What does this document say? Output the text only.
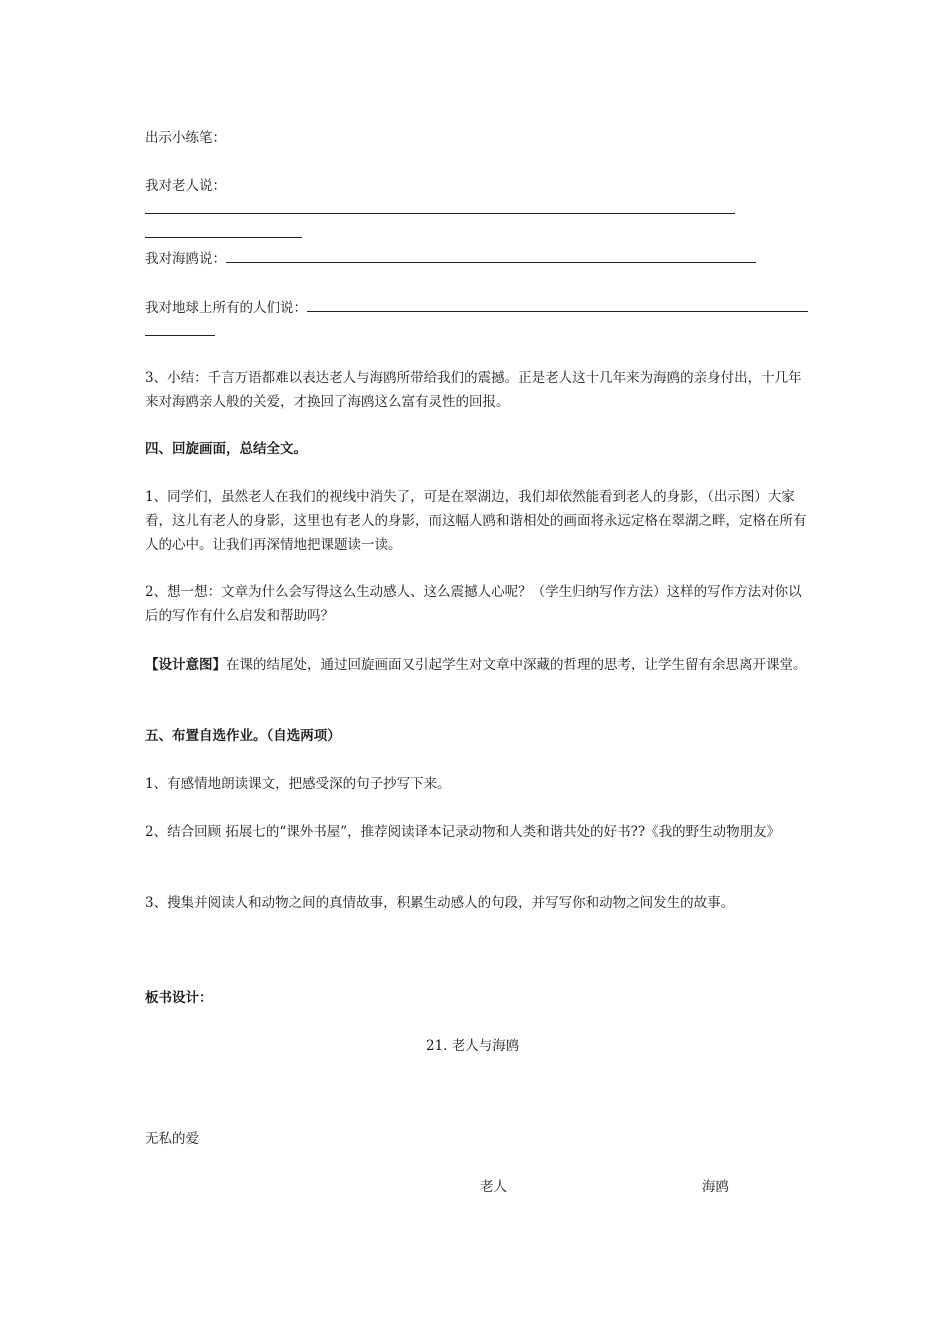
出示小练笔：

我对老人说：

我对海鸥说：

我对地球上所有的人们说：

3、小结：千言万语都难以表达老人与海鸥所带给我们的震撼。正是老人这十几年来为海鸥的亲身付出，十几年来对海鸥亲人般的关爱，才换回了海鸥这么富有灵性的回报。

四、回旋画面，总结全文。

1、同学们，虽然老人在我们的视线中消失了，可是在翠湖边，我们却依然能看到老人的身影，（出示图）大家看，这儿有老人的身影，这里也有老人的身影，而这幅人鸥和谐相处的画面将永远定格在翠湖之畔，定格在所有人的心中。让我们再深情地把课题读一读。

2、想一想：文章为什么会写得这么生动感人、这么震撼人心呢？（学生归纳写作方法）这样的写作方法对你以后的写作有什么启发和帮助吗？

【设计意图】在课的结尾处，通过回旋画面又引起学生对文章中深藏的哲理的思考，让学生留有余思离开课堂。

五、布置自选作业。（自选两项）

1、有感情地朗读课文，把感受深的句子抄写下来。

2、结合回顾 拓展七的“课外书屋”，推荐阅读译本记录动物和人类和谐共处的好书??《我的野生动物朋友》

3、搜集并阅读人和动物之间的真情故事，积累生动感人的句段，并写写你和动物之间发生的故事。

板书设计：

21. 老人与海鸥
无私的爱
老人	海鸥
